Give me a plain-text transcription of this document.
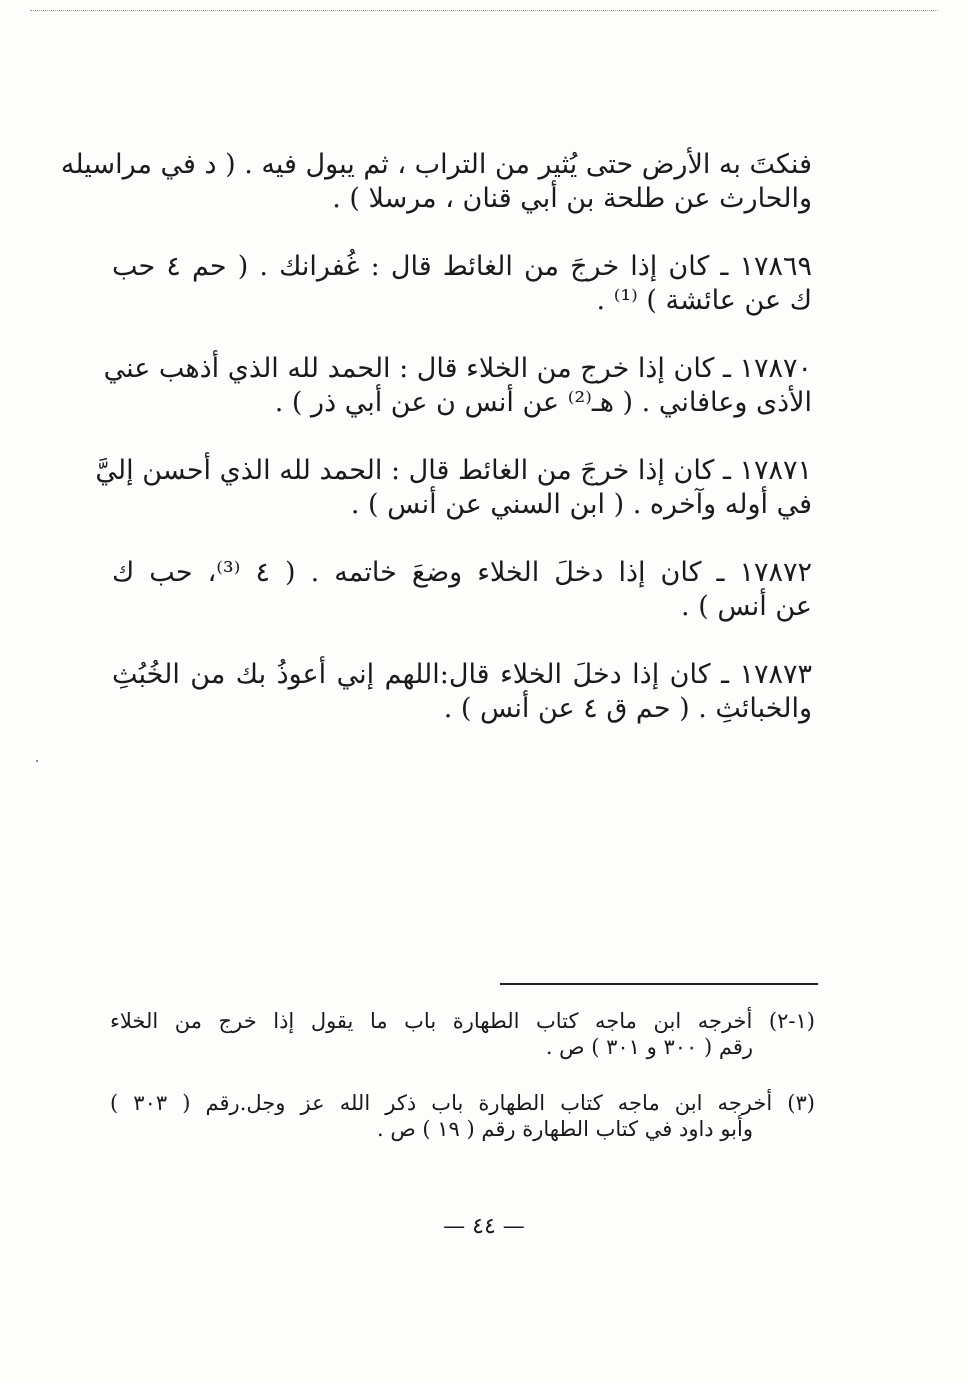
فنكتَ به الأرض حتى يُثير من التراب ، ثم يبول فيه . ( د في مراسيله
والحارث عن طلحة بن أبي قنان ، مرسلا ) .
١٧٨٦٩ ـ كان إذا خرجَ من الغائط قال : غُفرانك . ( حم ٤ حب
ك عن عائشة ) ⁽¹⁾ .
١٧٨٧٠ ـ كان إذا خرج من الخلاء قال : الحمد لله الذي أذهب عني
الأذى وعافاني . ( هـ⁽²⁾ عن أنس ن عن أبي ذر ) .
١٧٨٧١ ـ كان إذا خرجَ من الغائط قال : الحمد لله الذي أحسن إليَّ
في أوله وآخره . ( ابن السني عن أنس ) .
١٧٨٧٢ ـ كان إذا دخلَ الخلاء وضعَ خاتمه . ( ٤ ⁽³⁾، حب ك
عن أنس ) .
١٧٨٧٣ ـ كان إذا دخلَ الخلاء قال:اللهم إني أعوذُ بك من الخُبُثِ
والخبائثِ . ( حم ق ٤ عن أنس ) .
(١-٢) أخرجه ابن ماجه كتاب الطهارة باب ما يقول إذا خرج من الخلاء
رقم ( ٣٠٠ و ٣٠١ ) ص .
(٣) أخرجه ابن ماجه كتاب الطهارة باب ذكر الله عز وجل.رقم ( ٣٠٣ )
وأبو داود في كتاب الطهارة رقم ( ١٩ ) ص .
— ٤٤ —
